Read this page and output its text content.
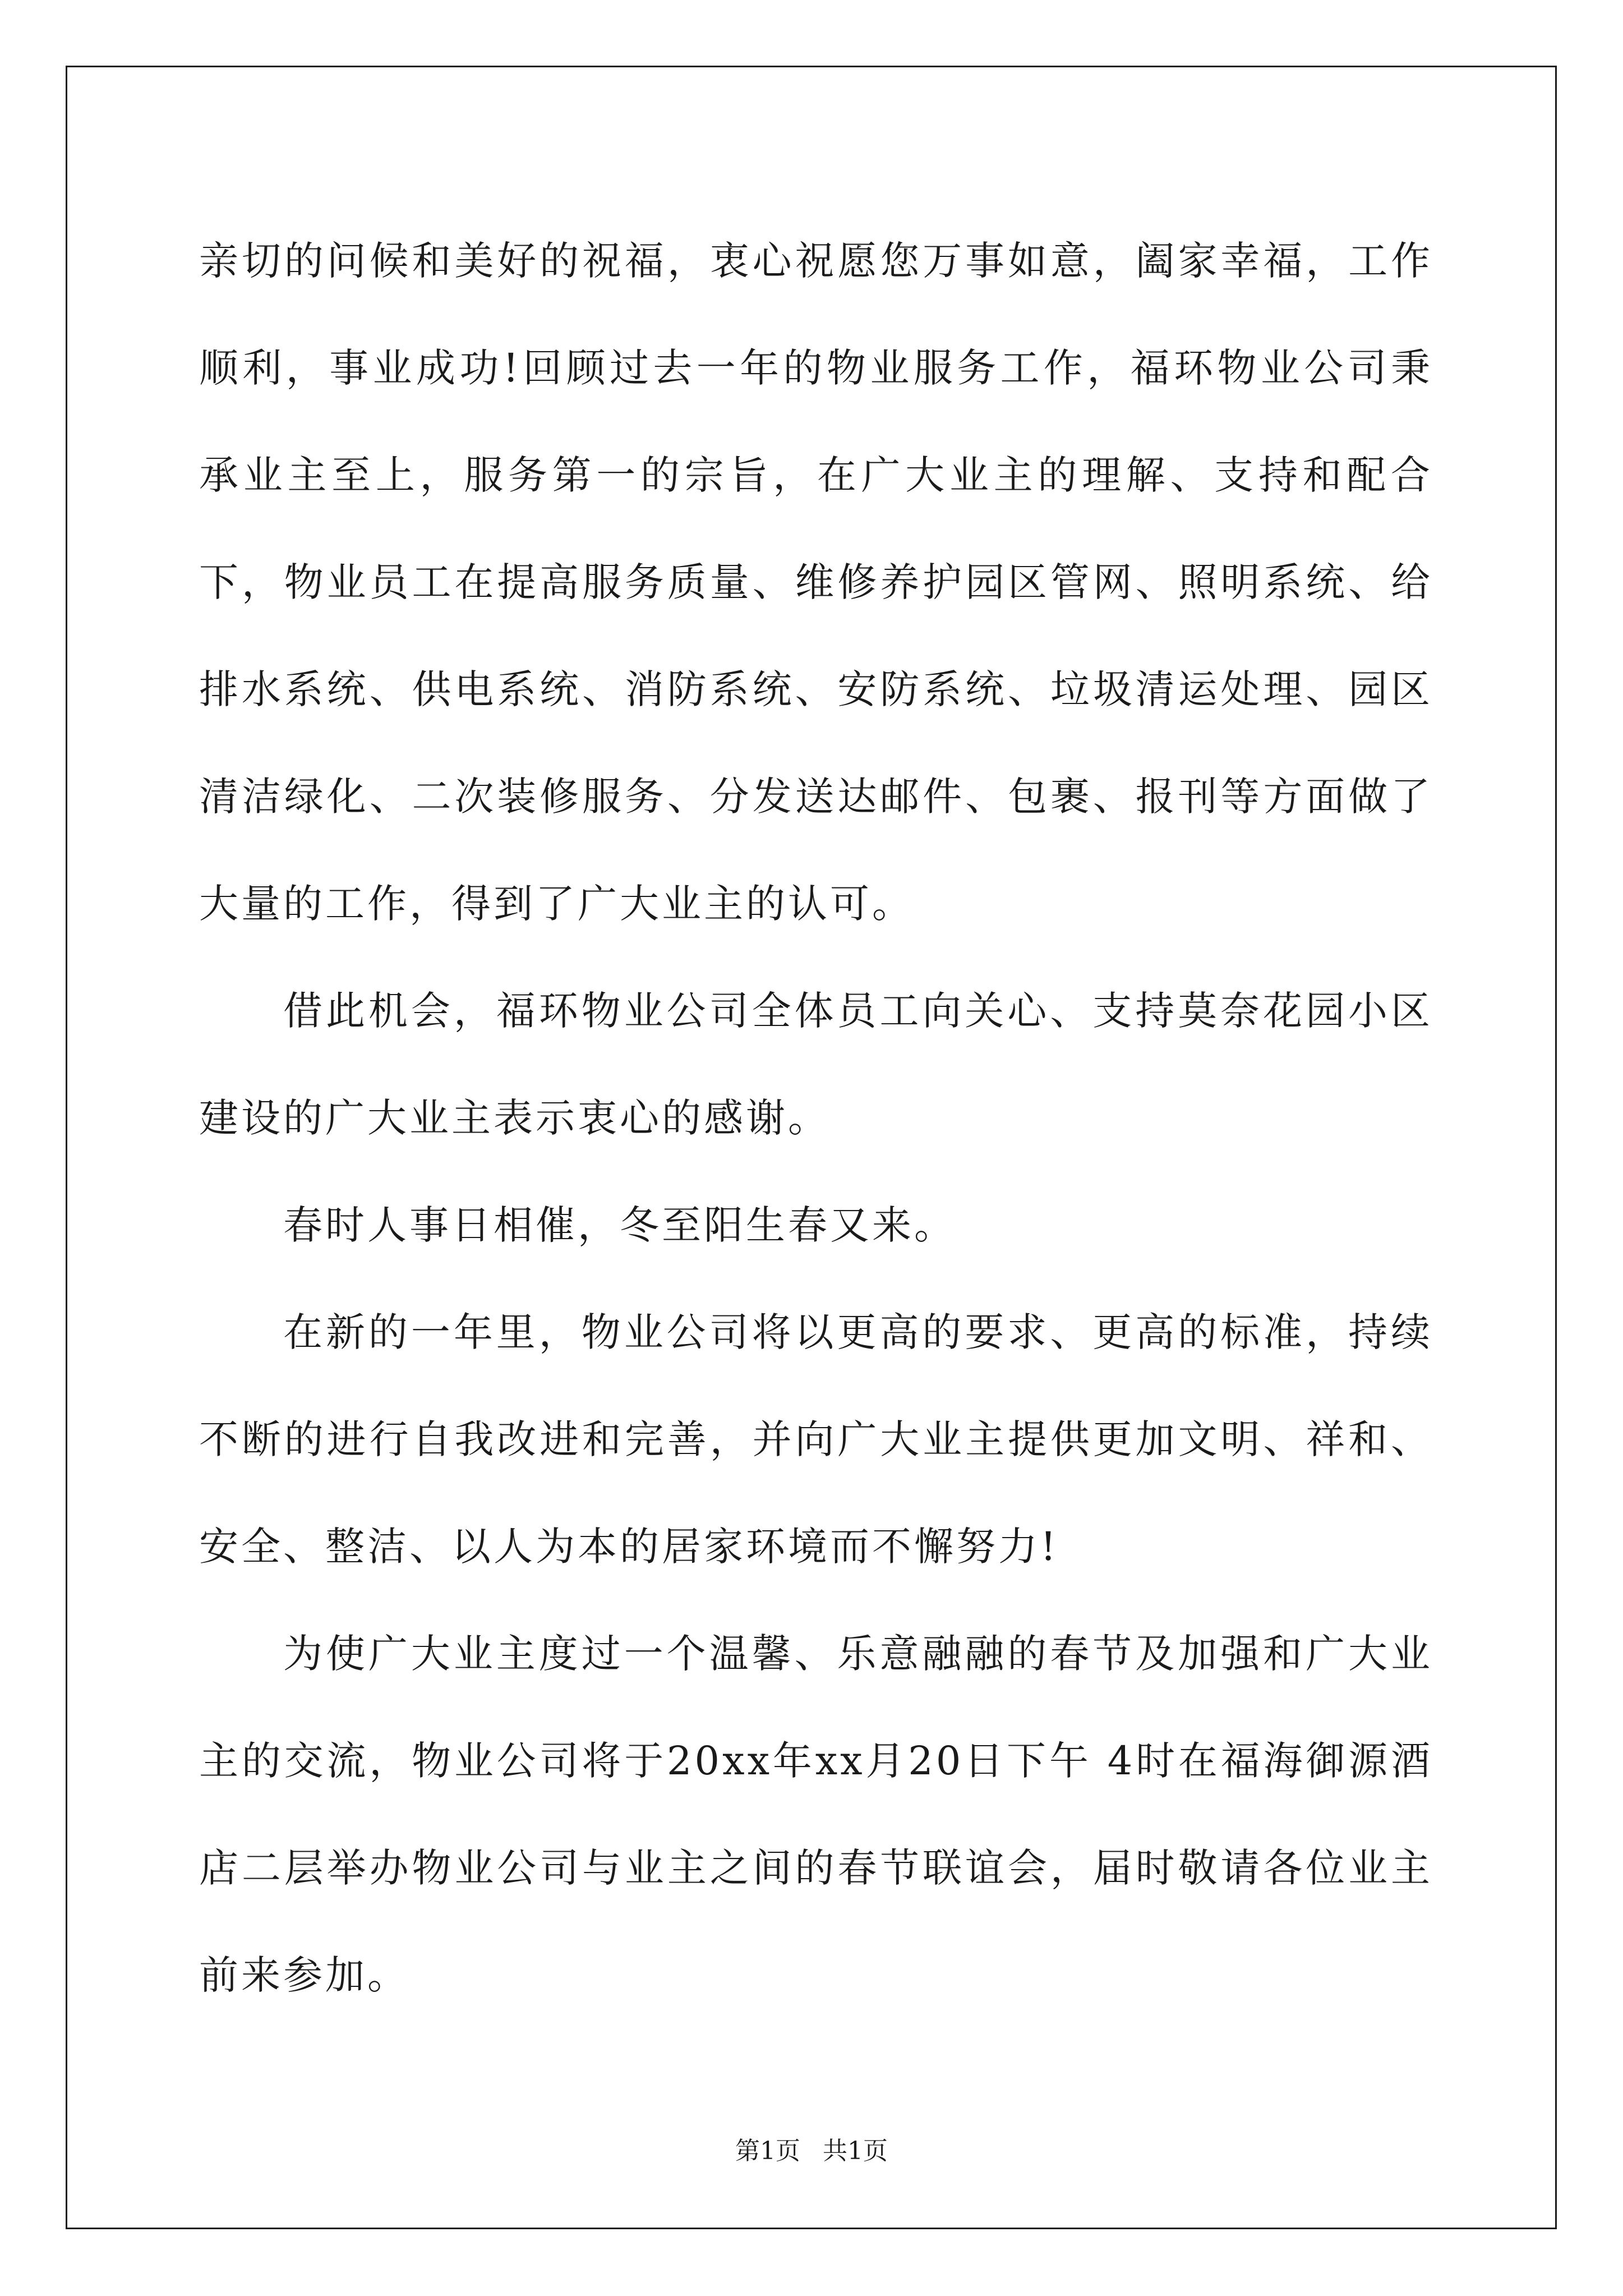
亲切的问候和美好的祝福，衷心祝愿您万事如意，阖家幸福，工作顺利，事业成功!回顾过去一年的物业服务工作，福环物业公司秉承业主至上，服务第一的宗旨，在广大业主的理解、支持和配合下，物业员工在提高服务质量、维修养护园区管网、照明系统、给排水系统、供电系统、消防系统、安防系统、垃圾清运处理、园区清洁绿化、二次装修服务、分发送达邮件、包裹、报刊等方面做了大量的工作，得到了广大业主的认可。

借此机会，福环物业公司全体员工向关心、支持莫奈花园小区建设的广大业主表示衷心的感谢。

春时人事日相催，冬至阳生春又来。

在新的一年里，物业公司将以更高的要求、更高的标准，持续不断的进行自我改进和完善，并向广大业主提供更加文明、祥和、安全、整洁、以人为本的居家环境而不懈努力!

为使广大业主度过一个温馨、乐意融融的春节及加强和广大业主的交流，物业公司将于20xx年xx月20日下午 4时在福海御源酒店二层举办物业公司与业主之间的春节联谊会，届时敬请各位业主前来参加。

第1页 共1页
